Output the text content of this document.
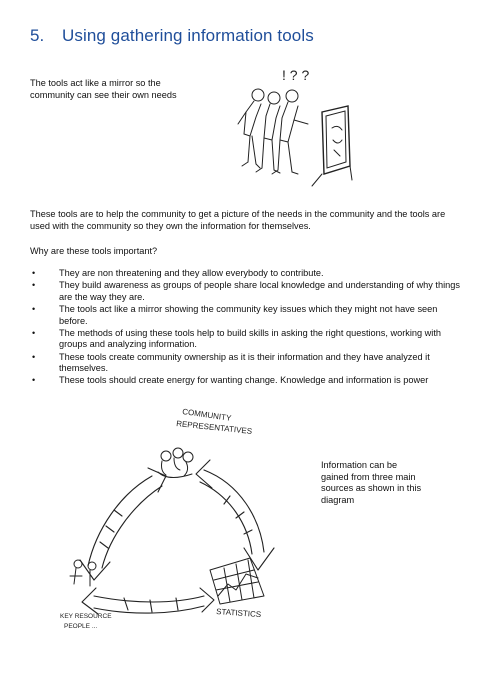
5. Using gathering information tools
The tools act like a mirror so the community can see their own needs
! ? ?
These tools are to help the community to get a picture of the needs in the community and the tools are used with the community so they own the information for themselves.
Why are these tools important?
•	They are non threatening and they allow everybody to contribute.
•	They build awareness as groups of people share local knowledge and understanding of why things are the way they are.
•	The tools act like a mirror showing the community key issues which they might not have seen before.
•	The methods of using these tools help to build skills in asking the right questions, working with groups and analyzing information.
•	These tools create community ownership as it is their information and they have analyzed it themselves.
•	These tools should create energy for wanting change. Knowledge and information is power
COMMUNITY
REPRESENTATIVES
STATISTICS
KEY RESOURCE
PEOPLE ...
Information can be gained from three main sources as shown in this diagram
